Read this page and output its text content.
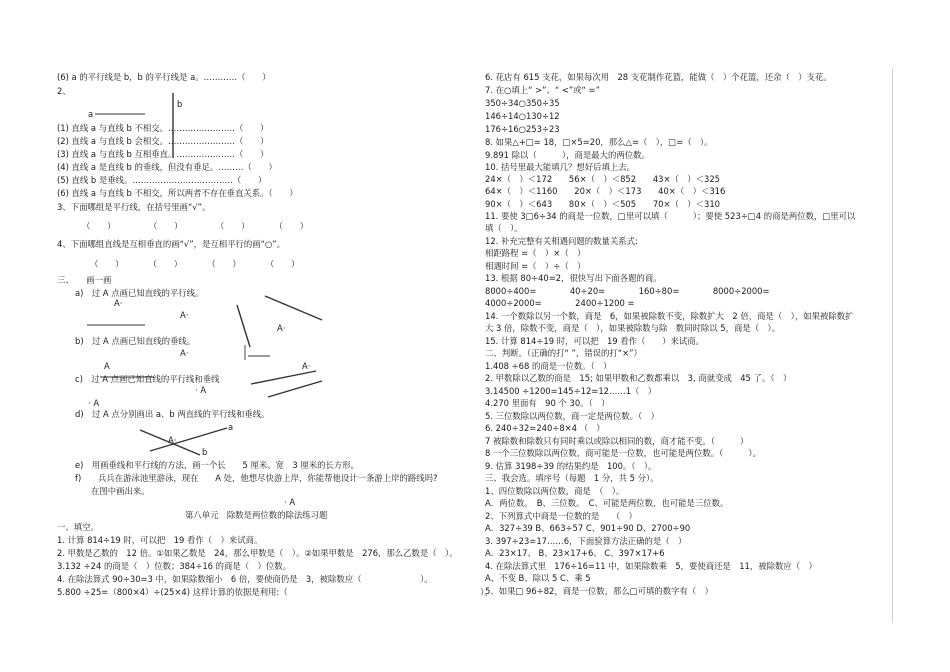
(6) a 的平行线是 b，b 的平行线是 a。…………（　　）
2、
b
a
(1) 直线 a 与直线 b 不相交。……………………（　　）
(2) 直线 a 与直线 b 会相交。……………………（　　）
(3) 直线 a 与直线 b 互相垂直。…………………（　　）
(4) 直线 a 是直线 b 的垂线，但没有垂足。………（　　）
(5) 直线 b 是垂线。………………………………（　　）
(6) 直线 a 与直线 b 不相交，所以两者不存在垂直关系。（　　）
3、下面哪组是平行线，在括号里画“√”。
（　　）　　　　　（　　）　　　　　（　　）　　　　（　　）
4、下面哪组直线是互相垂直的画“√”，是互相平行的画“○”。
（　　）　　　　（　　）　　　　（　　）　　　　（　　）
三、　　画一画
a)　过 A 点画已知直线的平行线。
A·
A·
A·
b)　过 A 点画已知直线的垂线。
A·
A	A·
c)　过 A 点画已知直线的平行线和垂线
· A
· A
d)　过 A 点分别画出 a、b 两直线的平行线和垂线。
a
A·
b
e)　用画垂线和平行线的方法，画一个长　　5 厘米、宽　3 厘米的长方形。
f)　　兵兵在游泳池里游泳，现在　　A 处，他想尽快游上岸，你能帮他设计一条游上岸的路线吗?
在图中画出来。
· A
第八单元　除数是两位数的除法练习题
一、填空。
1. 计算 814÷19 时，可以把　19 看作（　）来试商。
2. 甲数是乙数的　12 倍。①如果乙数是　24，那么甲数是（　）。②如果甲数是　276，那么乙数是（　）。
3.132 ÷24 的商是（　）位数；384÷16 的商是（　）位数。
4. 在除法算式 90÷30=3 中，如果除数缩小　6 倍，要使商仍是　3，被除数应（　　　　　　　）。
5.800 ÷25=（800×4）÷(25×4) 这样计算的依据是利用:（　　　　　　　　　　　　　　　　　　　　　　　）。
6. 花店有 615 支花，如果每次用　28 支花制作花篮，能做（　）个花篮，还余（　）支花。
7. 在○填上“ >”、“ <”或“ =”
350÷34○350÷35
146÷14○130÷12
176÷16○253÷23
8. 如果△+□= 18，□×5=20，那么△=（　），□=（　）。
9.891 除以（　　　），商是最大的两位数。
10. 括号里最大能填几？想好后填上去。
24×（　）＜172　　56×（　）＜852　　43×（　）＜325
64×（　）＜1160　　20×（　）＜173　　40×（　）＜316
90×（　）＜643　　80×（　）＜505　　70×（　）＜310
11. 要使 3□6÷34 的商是一位数，□里可以填（　　　）；要使 523÷□4 的商是两位数，□里可以
填（　）。
12. 补充完整有关相遇问题的数量关系式:
相距路程 =（　）×（　）
相遇时间 =（　）÷（　）
13. 根据 80÷40=2，很快写出下面各题的商。
8000÷400=　　　　40÷20=　　　　160÷80=　　　　8000÷2000=
4000÷2000=　　　　2400÷1200 =
14. 一个数除以另一个数，商是　6，如果被除数不变，除数扩大　2 倍，商是（　），如果被除数扩
大 3 倍，除数不变，商是（　），如果被除数与除　数同时除以 5，商是（　）。
15. 计算 814÷19 时，可以把　19 看作（　　）来试商。
二、判断。（正确的打“ ”，错误的打“×”）
1.408 ÷68 的商是一位数。（　）
2. 甲数除以乙数的商是　15; 如果甲数和乙数都乘以　3, 商就变成　45 了。（　）
3.14500 ÷1200=145÷12=12……1（　）
4.270 里面有　90 个 30。（　）
5. 三位数除以两位数，商一定是两位数。（　）
6. 240÷32=240÷8×4 （　）
7 被除数和除数只有同时乘以或除以相同的数，商才能不变。（　　　）
8 一个三位数除以两位数，商可能是一位数，也可能是两位数。（　　　）。
9. 估算 3198÷39 的结果约是　100。（　）。
三、我会选。填序号（每题　1 分，共 5 分）。
1、四位数除以两位数，商是　（　）。
A．两位数。　B、三位数。　C、可能是两位数，也可能是三位数。
2、下列算式中商是一位数的是　　（　）
A．327÷39 B、663÷57 C、901÷90 D、2700÷90
3. 397÷23=17……6，下面验算方法正确的是（　）
A．23×17、 B、23×17+6、 C、397×17+6
4. 在除法算式里　176÷16=11 中，如果除数乘　5，要使商还是　11，被除数应（　）
A、不变 B、除以 5 C、乘 5
5、如果□ 96÷82，商是一位数，那么□可填的数字有（　）
